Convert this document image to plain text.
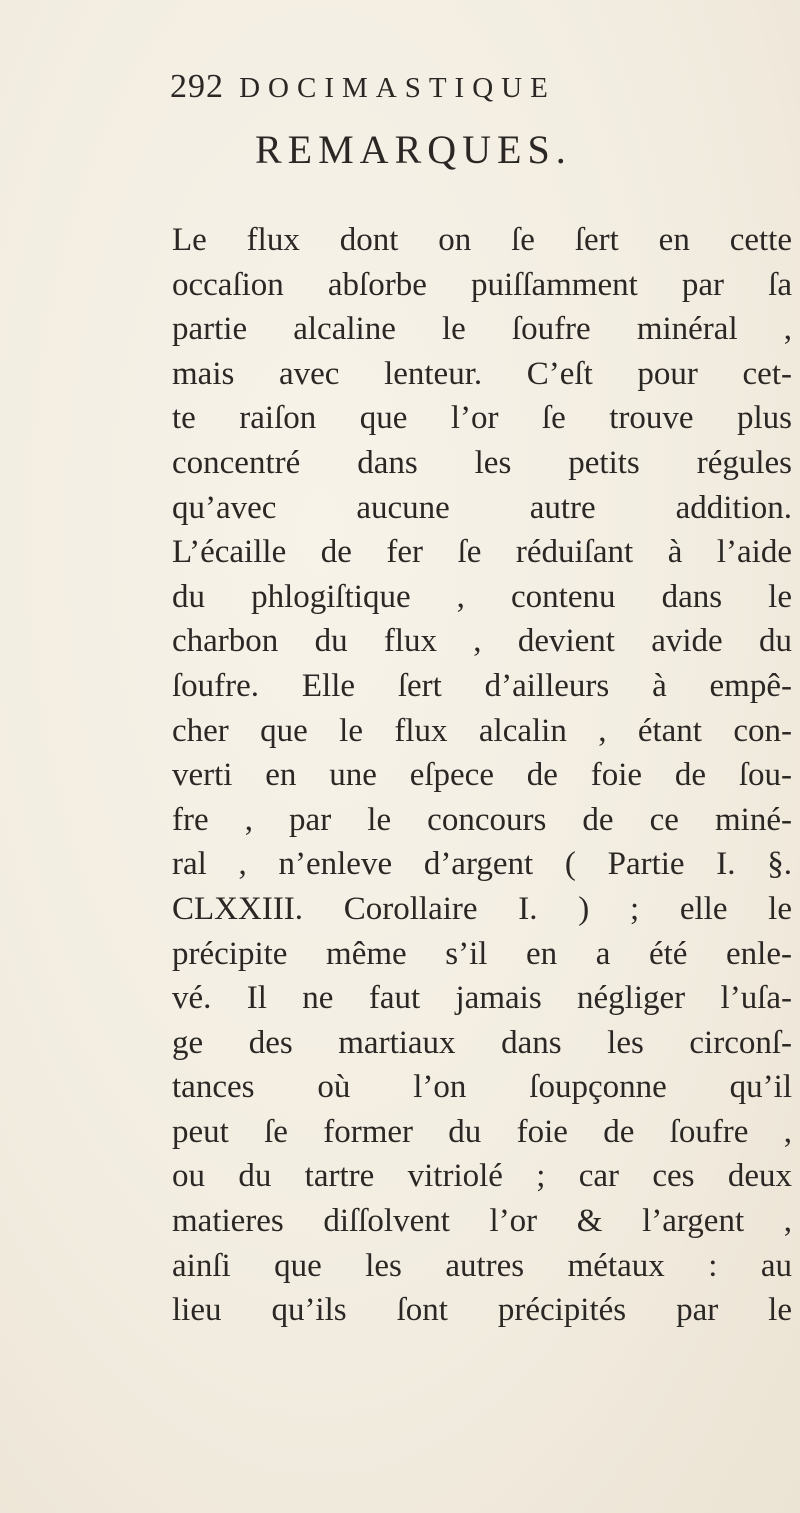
292 DOCIMASTIQUE
REMARQUES.
Le flux dont on ſe ſert en cette
occaſion abſorbe puiſſamment par ſa
partie alcaline le ſoufre minéral ,
mais avec lenteur. C’eſt pour cet-
te raiſon que l’or ſe trouve plus
concentré dans les petits régules
qu’avec aucune autre addition.
L’écaille de fer ſe réduiſant à l’aide
du phlogiſtique , contenu dans le
charbon du flux , devient avide du
ſoufre. Elle ſert d’ailleurs à empê-
cher que le flux alcalin , étant con-
verti en une eſpece de foie de ſou-
fre , par le concours de ce miné-
ral , n’enleve d’argent ( Partie I. §.
CLXXIII. Corollaire I. ) ; elle le
précipite même s’il en a été enle-
vé. Il ne faut jamais négliger l’uſa-
ge des martiaux dans les circonſ-
tances où l’on ſoupçonne qu’il
peut ſe former du foie de ſoufre ,
ou du tartre vitriolé ; car ces deux
matieres diſſolvent l’or & l’argent ,
ainſi que les autres métaux : au
lieu qu’ils ſont précipités par le
